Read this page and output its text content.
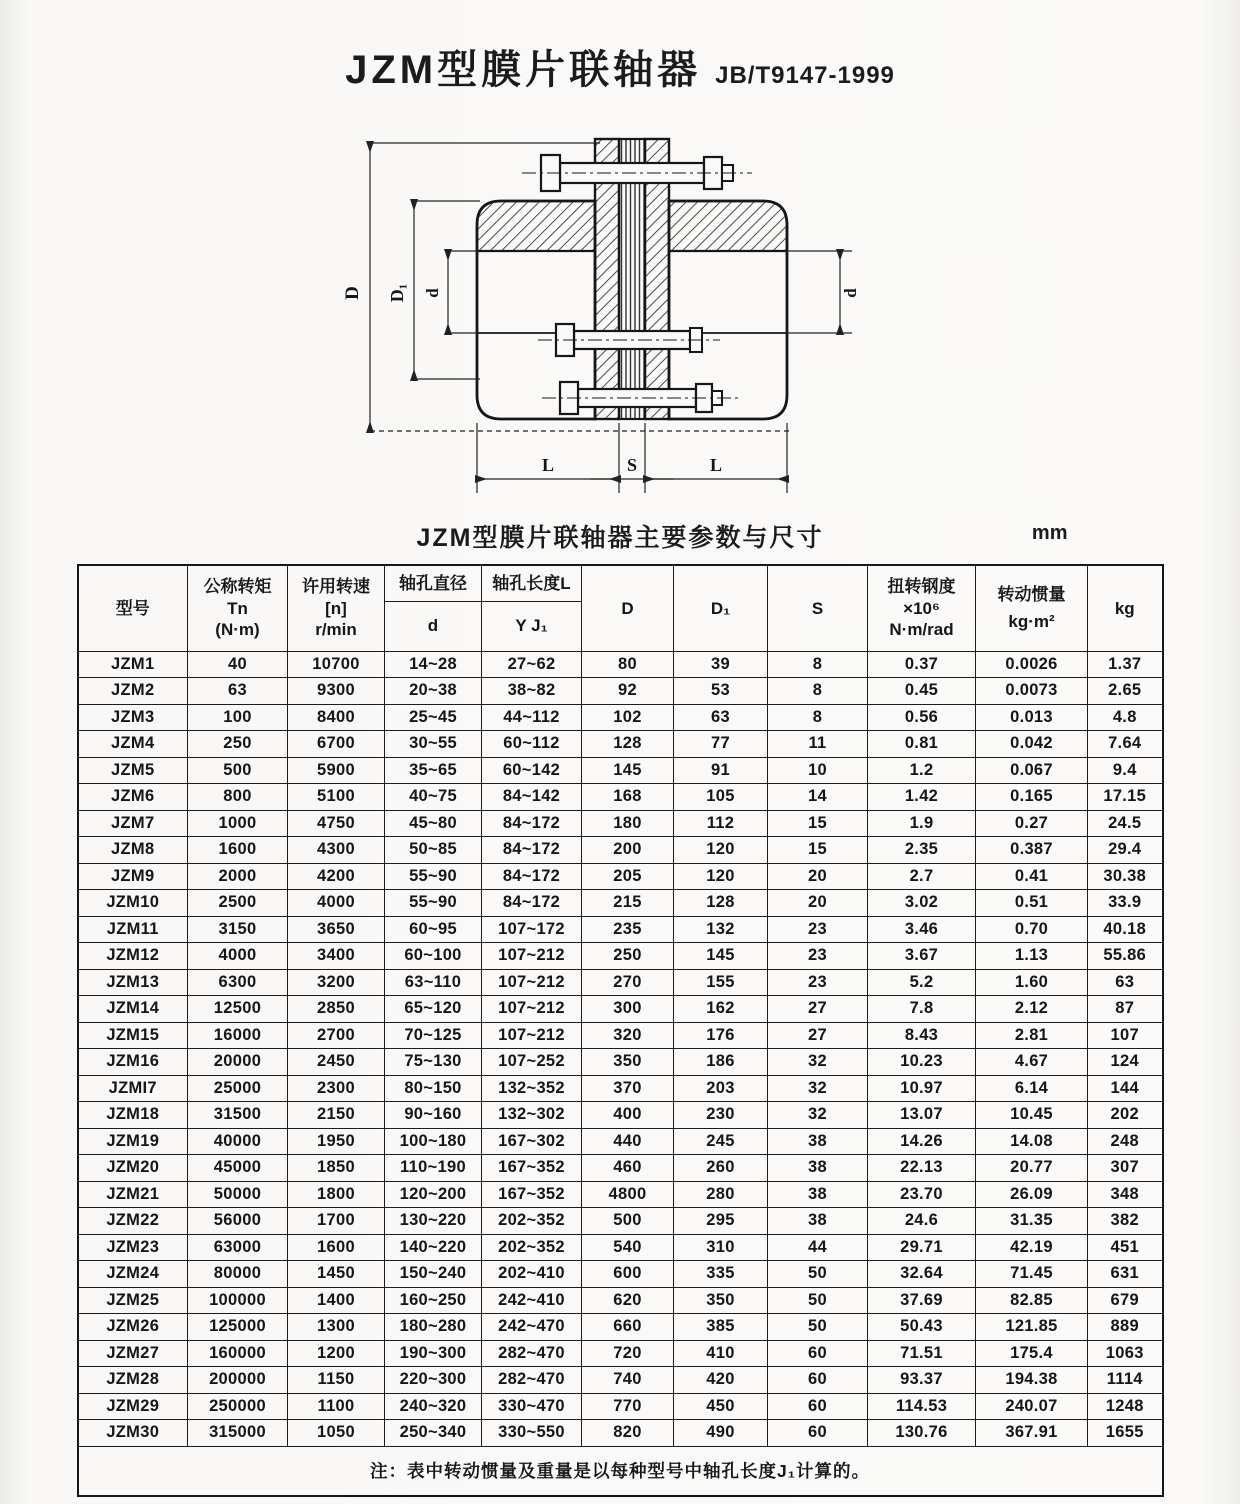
JZM型膜片联轴器 JB/T9147-1999
D D₁ d	d
L	S	L
JZM型膜片联轴器主要参数与尺寸	mm
型号	公称转矩
Tn
(N·m)	许用转速
[n]
r/min	轴孔直径	轴孔长度L	D	D₁	S	扭转钢度
×10⁶
N·m/rad	转动惯量
kg·m²	kg
			d	Y J₁						
JZM1	40	10700	14~28	27~62	80	39	8	0.37	0.0026	1.37
JZM2	63	9300	20~38	38~82	92	53	8	0.45	0.0073	2.65
JZM3	100	8400	25~45	44~112	102	63	8	0.56	0.013	4.8
JZM4	250	6700	30~55	60~112	128	77	11	0.81	0.042	7.64
JZM5	500	5900	35~65	60~142	145	91	10	1.2	0.067	9.4
JZM6	800	5100	40~75	84~142	168	105	14	1.42	0.165	17.15
JZM7	1000	4750	45~80	84~172	180	112	15	1.9	0.27	24.5
JZM8	1600	4300	50~85	84~172	200	120	15	2.35	0.387	29.4
JZM9	2000	4200	55~90	84~172	205	120	20	2.7	0.41	30.38
JZM10	2500	4000	55~90	84~172	215	128	20	3.02	0.51	33.9
JZM11	3150	3650	60~95	107~172	235	132	23	3.46	0.70	40.18
JZM12	4000	3400	60~100	107~212	250	145	23	3.67	1.13	55.86
JZM13	6300	3200	63~110	107~212	270	155	23	5.2	1.60	63
JZM14	12500	2850	65~120	107~212	300	162	27	7.8	2.12	87
JZM15	16000	2700	70~125	107~212	320	176	27	8.43	2.81	107
JZM16	20000	2450	75~130	107~252	350	186	32	10.23	4.67	124
JZMI7	25000	2300	80~150	132~352	370	203	32	10.97	6.14	144
JZM18	31500	2150	90~160	132~302	400	230	32	13.07	10.45	202
JZM19	40000	1950	100~180	167~302	440	245	38	14.26	14.08	248
JZM20	45000	1850	110~190	167~352	460	260	38	22.13	20.77	307
JZM21	50000	1800	120~200	167~352	4800	280	38	23.70	26.09	348
JZM22	56000	1700	130~220	202~352	500	295	38	24.6	31.35	382
JZM23	63000	1600	140~220	202~352	540	310	44	29.71	42.19	451
JZM24	80000	1450	150~240	202~410	600	335	50	32.64	71.45	631
JZM25	100000	1400	160~250	242~410	620	350	50	37.69	82.85	679
JZM26	125000	1300	180~280	242~470	660	385	50	50.43	121.85	889
JZM27	160000	1200	190~300	282~470	720	410	60	71.51	175.4	1063
JZM28	200000	1150	220~300	282~470	740	420	60	93.37	194.38	1114
JZM29	250000	1100	240~320	330~470	770	450	60	114.53	240.07	1248
JZM30	315000	1050	250~340	330~550	820	490	60	130.76	367.91	1655
注：表中转动惯量及重量是以每种型号中轴孔长度J₁计算的。										
